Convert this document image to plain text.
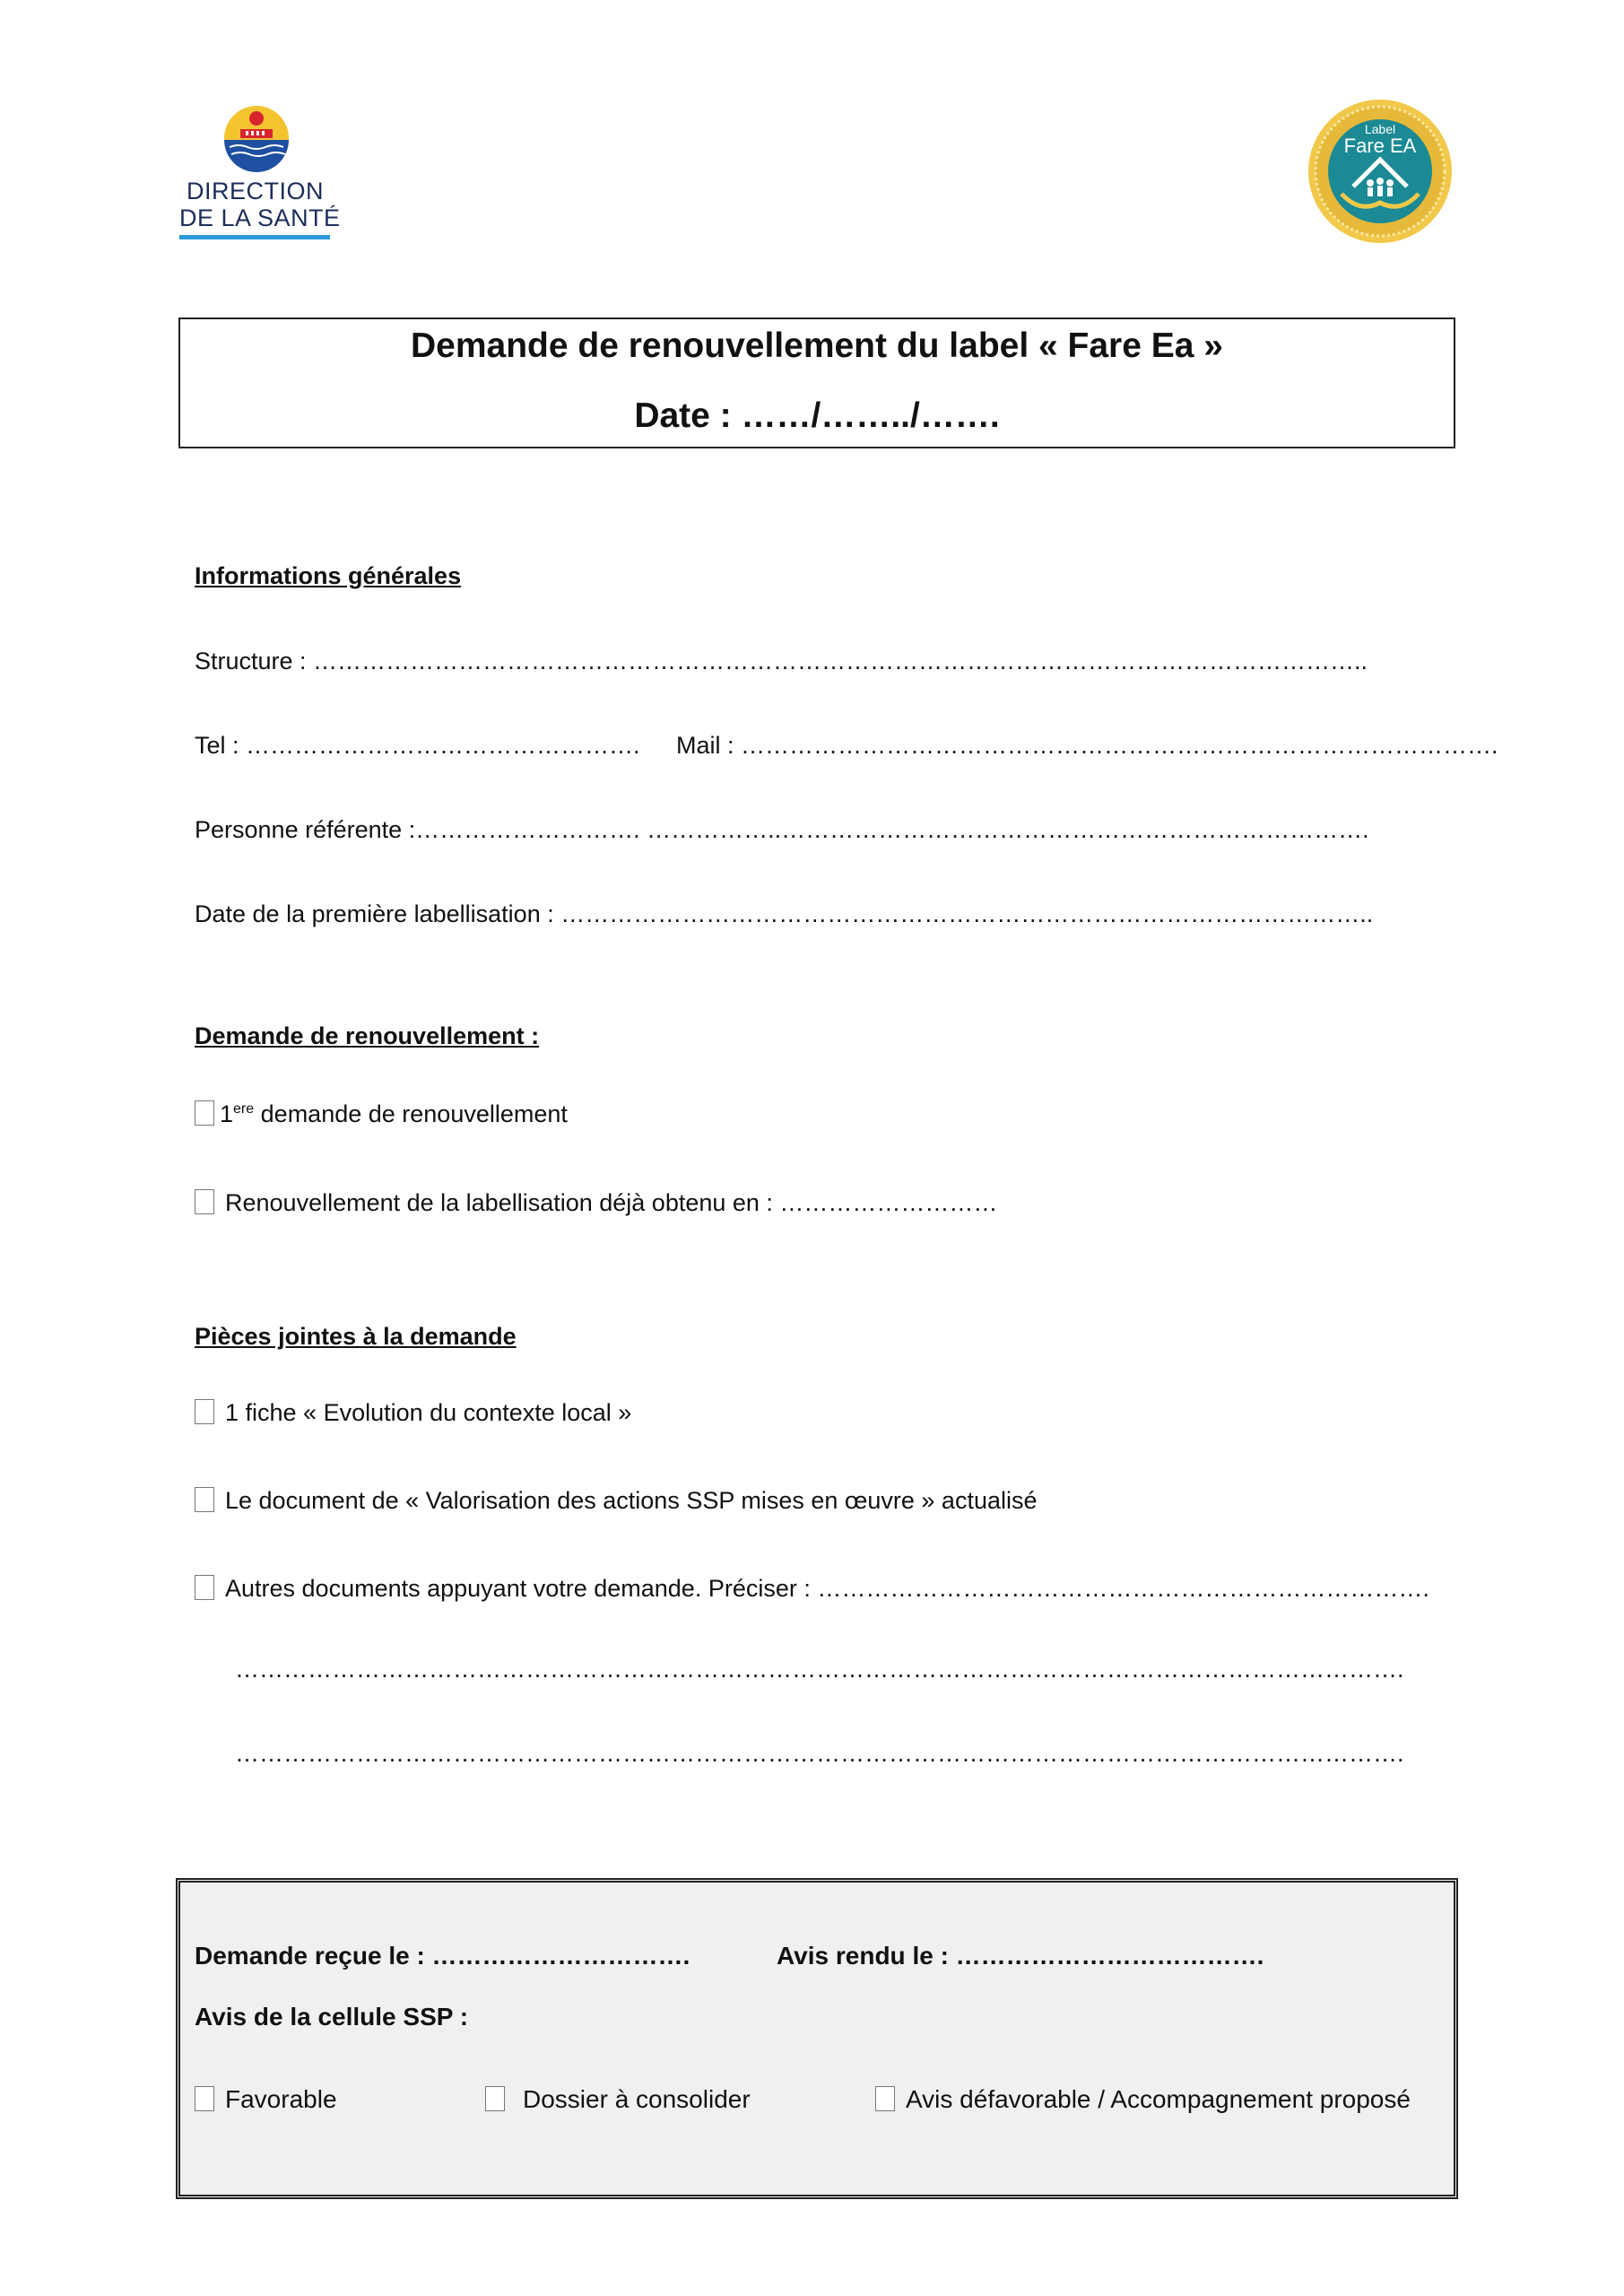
DIRECTION
DE LA SANTÉ
Label
Fare EA
Demande de renouvellement du label « Fare Ea »
Date : ……/……../…….
Informations générales
Structure : …………………………………………………………………………………………………………………..
Tel : …………………………………………. Mail : ………………………………………………………………………………….
Personne référente :………………………. ……………..……………………………………………………………….
Date de la première labellisation : ………………………………………………………………………………………..
Demande de renouvellement :
1ere demande de renouvellement
Renouvellement de la labellisation déjà obtenu en : ………………………
Pièces jointes à la demande
1 fiche « Evolution du contexte local »
Le document de « Valorisation des actions SSP mises en œuvre » actualisé
Autres documents appuyant votre demande. Préciser : ………………………………………………………………….
……………………………………………………………………………………………………………………………….
……………………………………………………………………………………………………………………………….
Demande reçue le : ………………………….	Avis rendu le : ……………………………….
Avis de la cellule SSP :
Favorable	Dossier à consolider	Avis défavorable / Accompagnement proposé
